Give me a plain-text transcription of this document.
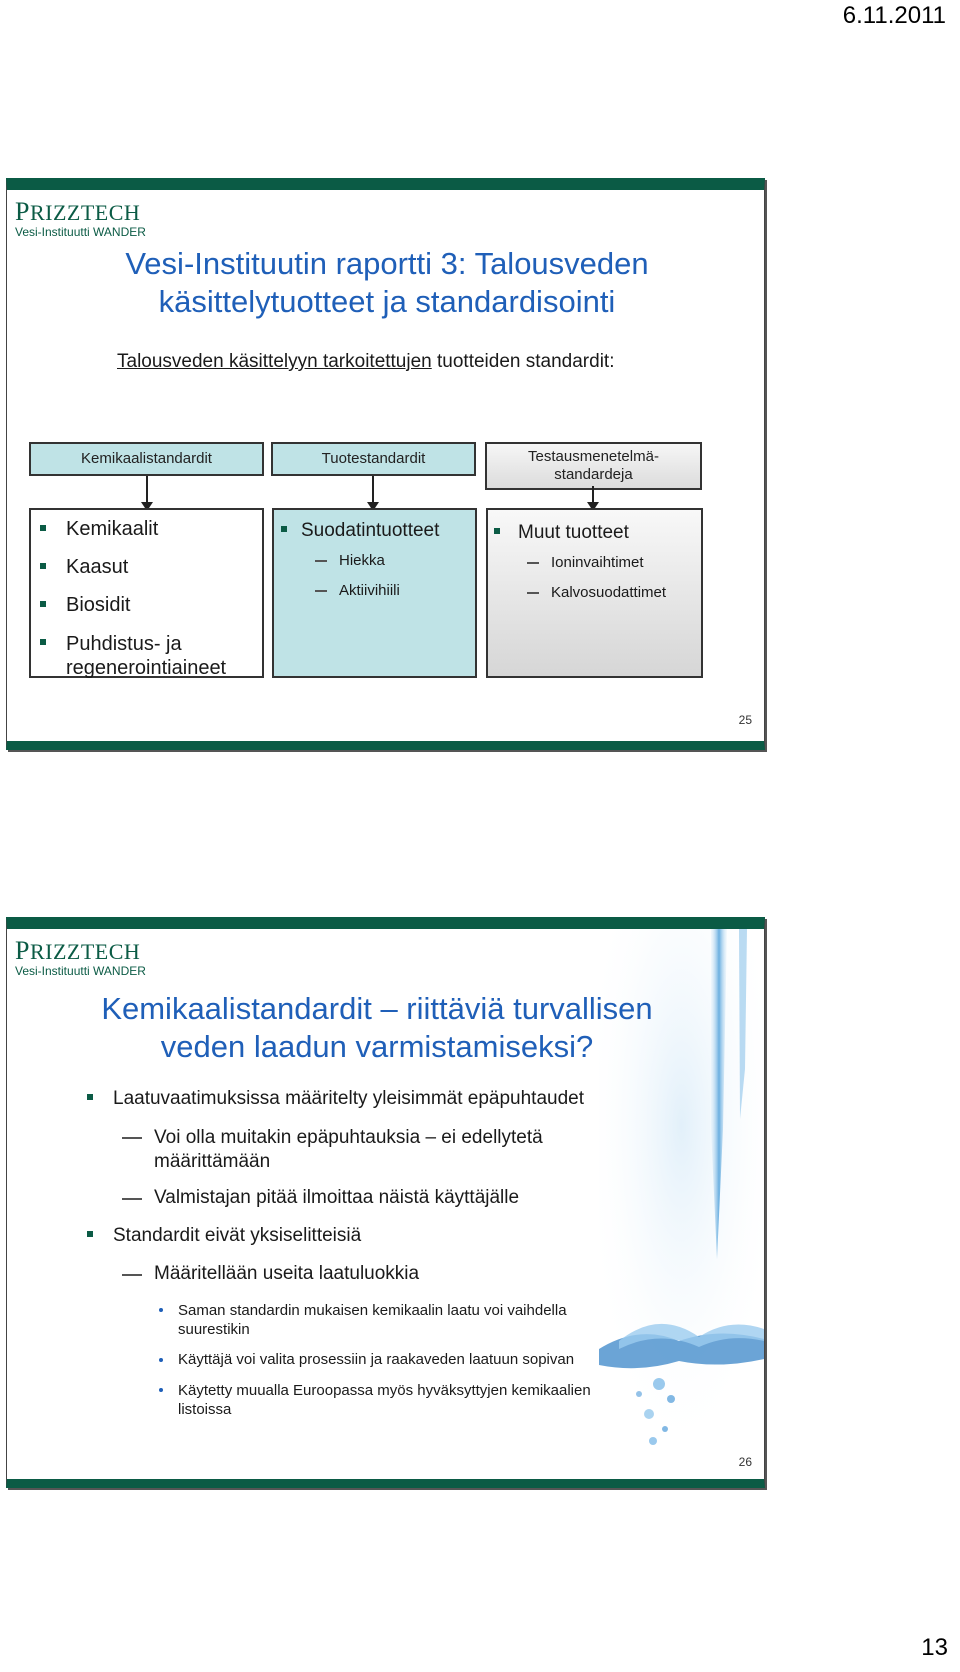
6.11.2011
PRIZZTECH
Vesi-Instituutti WANDER
Vesi-Instituutin raportti 3: Talousveden käsittelytuotteet ja standardisointi
Talousveden käsittelyyn tarkoitettujen tuotteiden standardit:
Kemikaalistandardit	Tuotestandardit	Testausmenetelmä-standardeja
Kemikaalit
Kaasut
Biosidit
Puhdistus- ja regenerointiaineet
Suodatintuotteet
Hiekka
Aktiivihiili
Muut tuotteet
Ioninvaihtimet
Kalvosuodattimet
25
PRIZZTECH
Vesi-Instituutti WANDER
Kemikaalistandardit – riittäviä turvallisen veden laadun varmistamiseksi?
Laatuvaatimuksissa määritelty yleisimmät epäpuhtaudet
Voi olla muitakin epäpuhtauksia – ei edellytetä määrittämään
Valmistajan pitää ilmoittaa näistä käyttäjälle
Standardit eivät yksiselitteisiä
Määritellään useita laatuluokkia
Saman standardin mukaisen kemikaalin laatu voi vaihdella suurestikin
Käyttäjä voi valita prosessiin ja raakaveden laatuun sopivan
Käytetty muualla Euroopassa myös hyväksyttyjen kemikaalien listoissa
26
13
